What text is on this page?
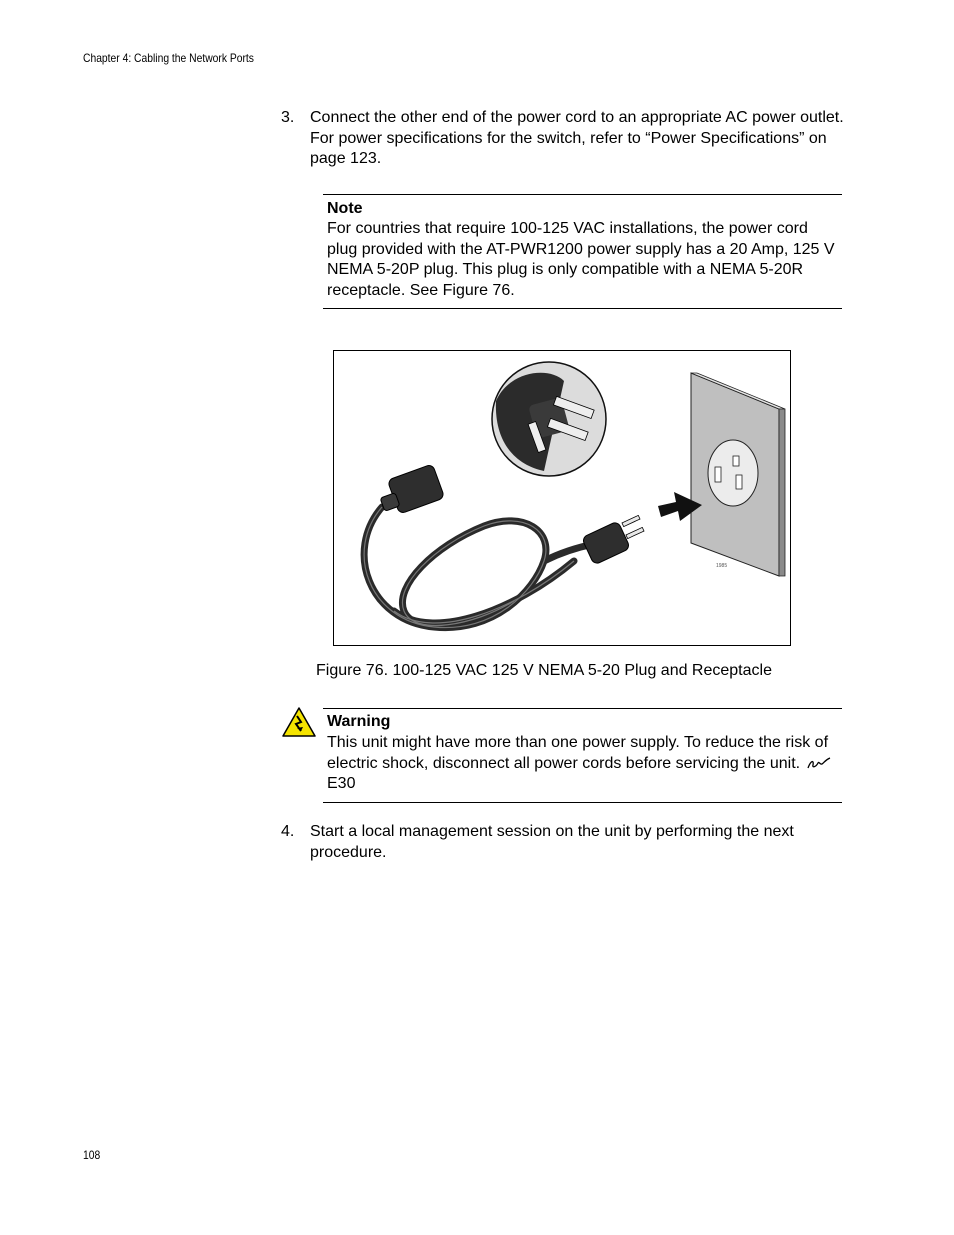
Chapter 4: Cabling the Network Ports
3. Connect the other end of the power cord to an appropriate AC power outlet. For power specifications for the switch, refer to “Power Specifications” on page 123.
Note
For countries that require 100-125 VAC installations, the power cord plug provided with the AT-PWR1200 power supply has a 20 Amp, 125 V NEMA 5-20P plug. This plug is only compatible with a NEMA 5-20R receptacle. See Figure 76.
1985
Figure 76. 100-125 VAC 125 V NEMA 5-20 Plug and Receptacle
Warning
This unit might have more than one power supply. To reduce the risk of electric shock, disconnect all power cords before servicing the unit. E30
4. Start a local management session on the unit by performing the next procedure.
108
